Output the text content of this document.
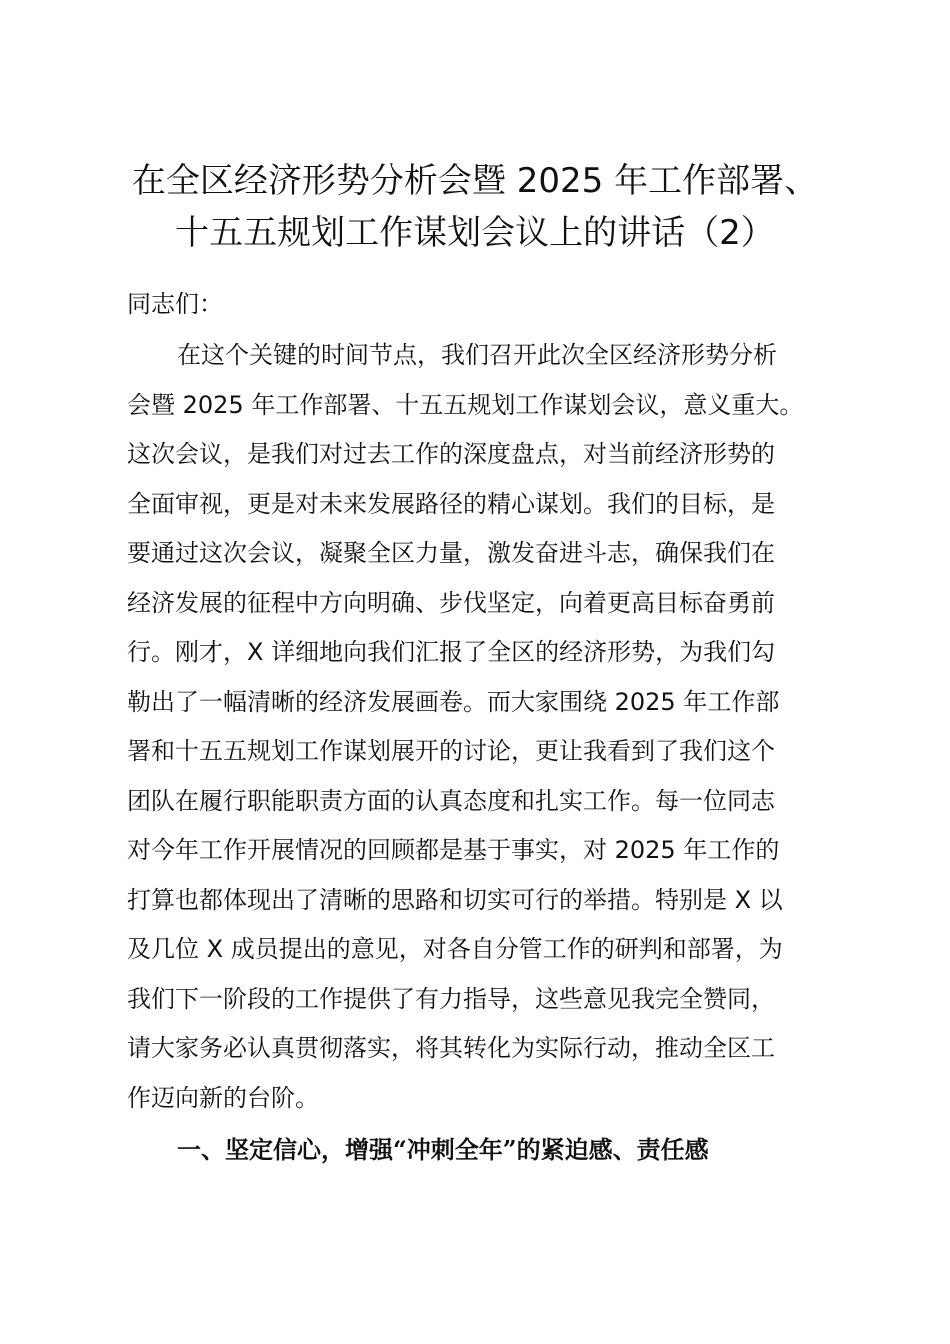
在全区经济形势分析会暨 2025 年工作部署、
十五五规划工作谋划会议上的讲话（2）

同志们：

在这个关键的时间节点，我们召开此次全区经济形势分析

会暨 2025 年工作部署、十五五规划工作谋划会议，意义重大。

这次会议，是我们对过去工作的深度盘点，对当前经济形势的

全面审视，更是对未来发展路径的精心谋划。我们的目标，是

要通过这次会议，凝聚全区力量，激发奋进斗志，确保我们在

经济发展的征程中方向明确、步伐坚定，向着更高目标奋勇前

行。刚才，X 详细地向我们汇报了全区的经济形势，为我们勾

勒出了一幅清晰的经济发展画卷。而大家围绕 2025 年工作部

署和十五五规划工作谋划展开的讨论，更让我看到了我们这个

团队在履行职能职责方面的认真态度和扎实工作。每一位同志

对今年工作开展情况的回顾都是基于事实，对 2025 年工作的

打算也都体现出了清晰的思路和切实可行的举措。特别是 X 以

及几位 X 成员提出的意见，对各自分管工作的研判和部署，为

我们下一阶段的工作提供了有力指导，这些意见我完全赞同，

请大家务必认真贯彻落实，将其转化为实际行动，推动全区工

作迈向新的台阶。

一、坚定信心，增强“冲刺全年”的紧迫感、责任感
